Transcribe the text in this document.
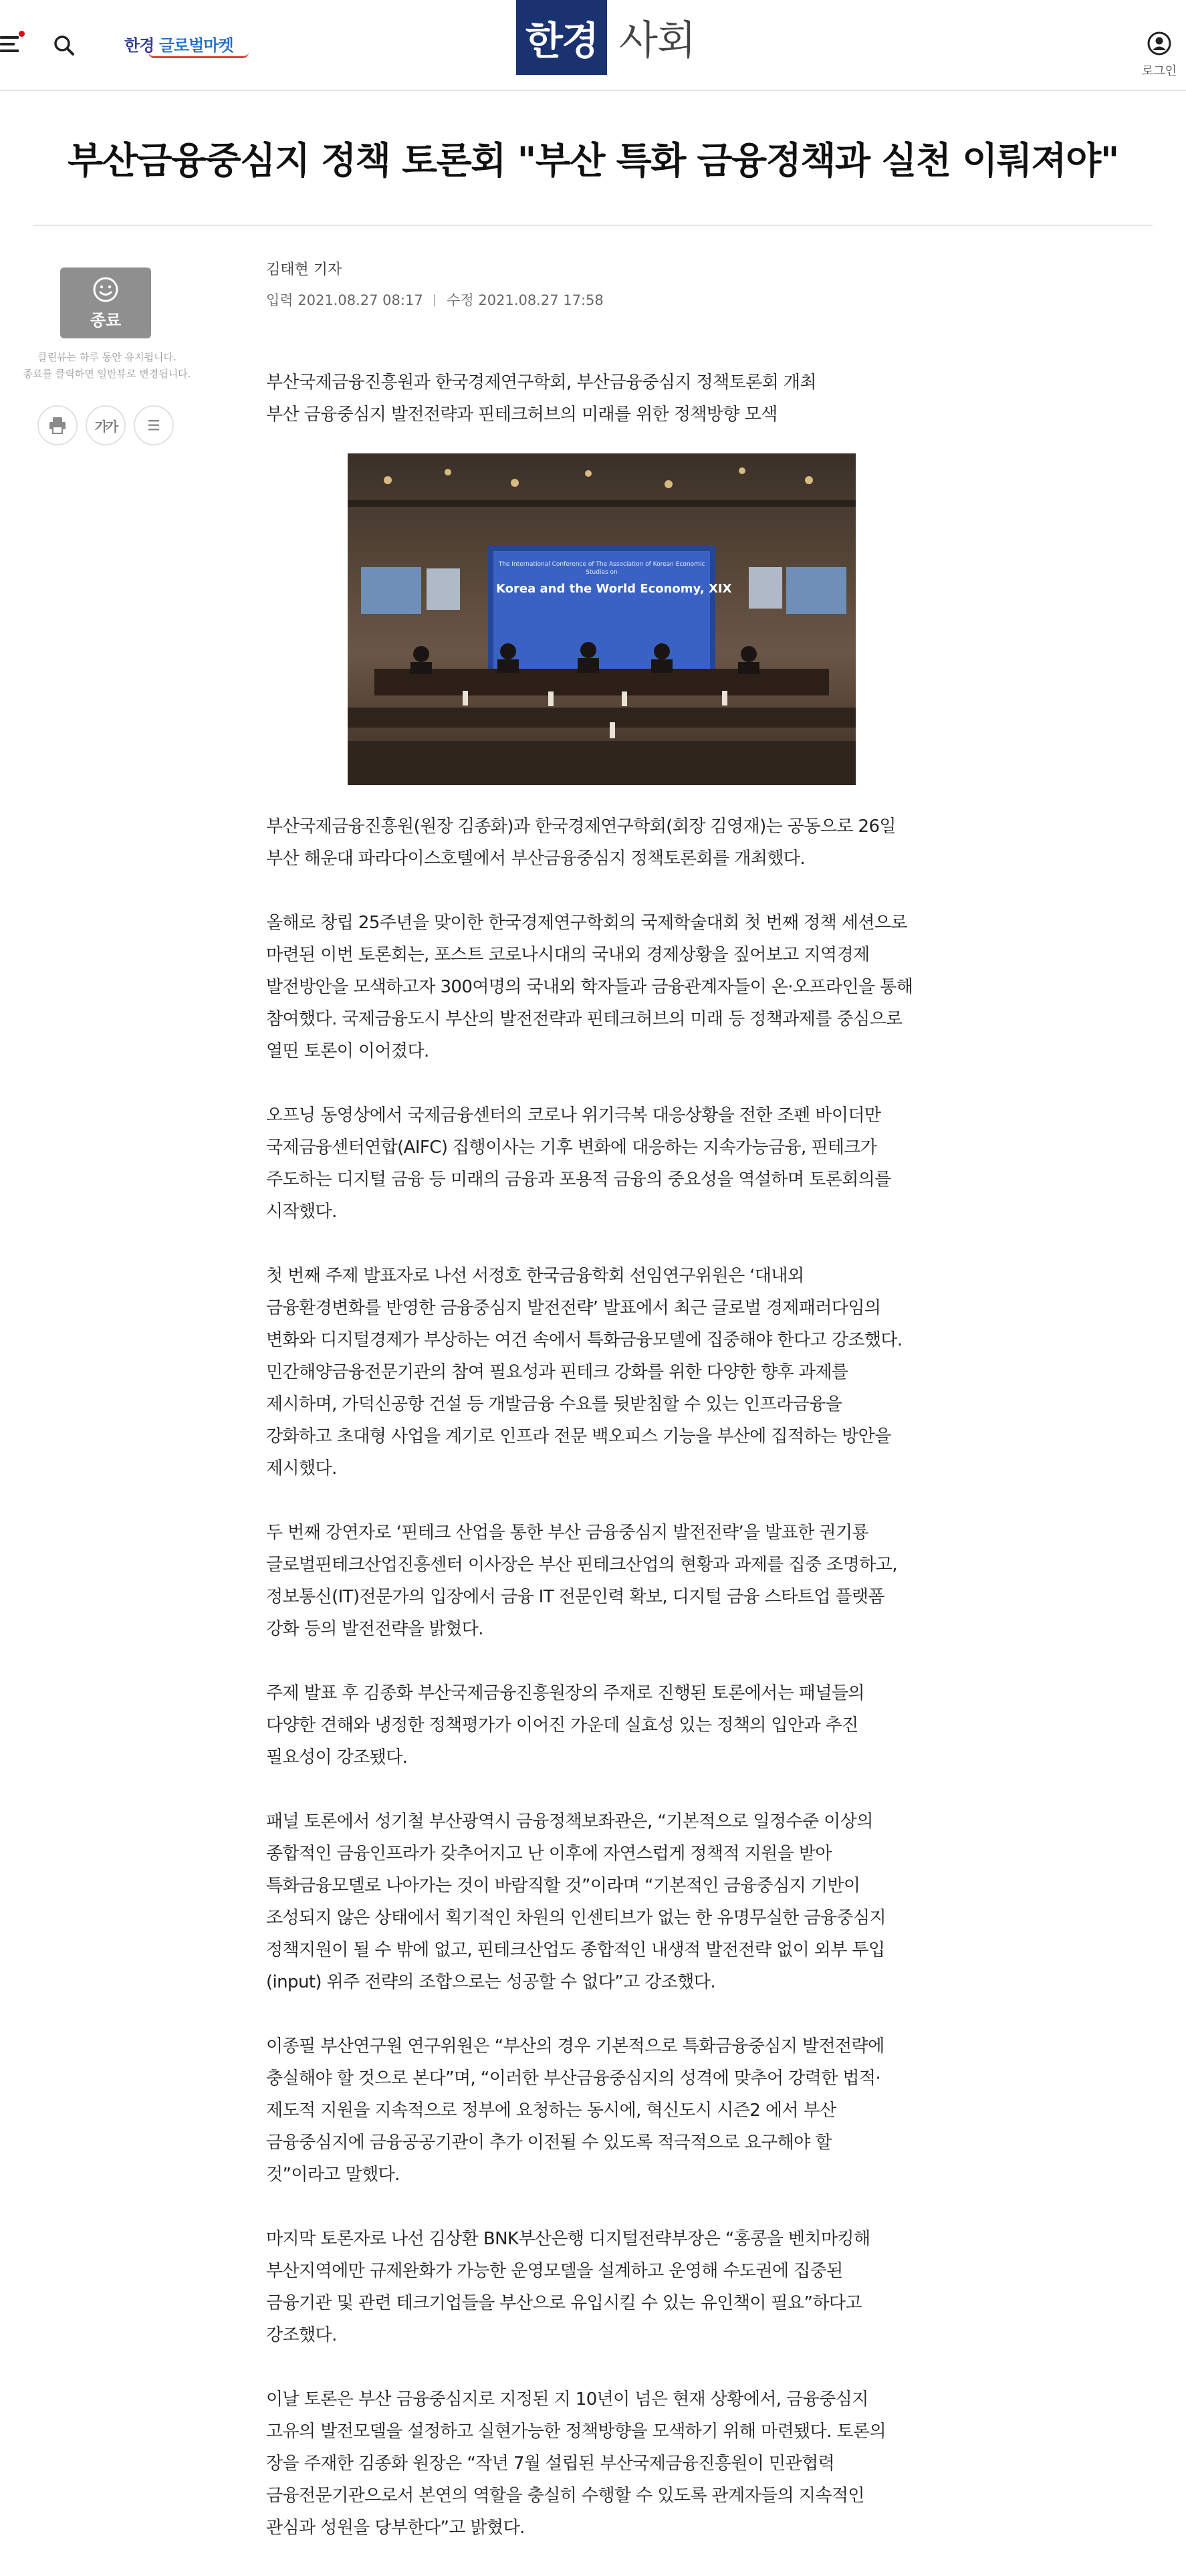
한경 글로벌마켓	한경 사회
로그인
부산금융중심지 정책 토론회 "부산 특화 금융정책과 실천 이뤄져야"
종료
클린뷰는 하루 동안 유지됩니다.
종료를 클릭하면 일반뷰로 변경됩니다.
가가
김태현 기자
입력 2021.08.27 08:17 수정 2021.08.27 17:58

부산국제금융진흥원과 한국경제연구학회, 부산금융중심지 정책토론회 개최

부산 금융중심지 발전전략과 핀테크허브의 미래를 위한 정책방향 모색

The International Conference of The Association of Korean Economic Studies on
Korea and the World Economy, XIX

부산국제금융진흥원(원장 김종화)과 한국경제연구학회(회장 김영재)는 공동으로 26일
부산 해운대 파라다이스호텔에서 부산금융중심지 정책토론회를 개최했다.

올해로 창립 25주년을 맞이한 한국경제연구학회의 국제학술대회 첫 번째 정책 세션으로
마련된 이번 토론회는, 포스트 코로나시대의 국내외 경제상황을 짚어보고 지역경제
발전방안을 모색하고자 300여명의 국내외 학자들과 금융관계자들이 온·오프라인을 통해
참여했다. 국제금융도시 부산의 발전전략과 핀테크허브의 미래 등 정책과제를 중심으로
열띤 토론이 이어졌다.

오프닝 동영상에서 국제금융센터의 코로나 위기극복 대응상황을 전한 조펜 바이더만
국제금융센터연합(AIFC) 집행이사는 기후 변화에 대응하는 지속가능금융, 핀테크가
주도하는 디지털 금융 등 미래의 금융과 포용적 금융의 중요성을 역설하며 토론회의를
시작했다.

첫 번째 주제 발표자로 나선 서정호 한국금융학회 선임연구위원은 ‘대내외
금융환경변화를 반영한 금융중심지 발전전략’ 발표에서 최근 글로벌 경제패러다임의
변화와 디지털경제가 부상하는 여건 속에서 특화금융모델에 집중해야 한다고 강조했다.
민간해양금융전문기관의 참여 필요성과 핀테크 강화를 위한 다양한 향후 과제를
제시하며, 가덕신공항 건설 등 개발금융 수요를 뒷받침할 수 있는 인프라금융을
강화하고 초대형 사업을 계기로 인프라 전문 백오피스 기능을 부산에 집적하는 방안을
제시했다.

두 번째 강연자로 ‘핀테크 산업을 통한 부산 금융중심지 발전전략’을 발표한 권기룡
글로벌핀테크산업진흥센터 이사장은 부산 핀테크산업의 현황과 과제를 집중 조명하고,
정보통신(IT)전문가의 입장에서 금융 IT 전문인력 확보, 디지털 금융 스타트업 플랫폼
강화 등의 발전전략을 밝혔다.

주제 발표 후 김종화 부산국제금융진흥원장의 주재로 진행된 토론에서는 패널들의
다양한 견해와 냉정한 정책평가가 이어진 가운데 실효성 있는 정책의 입안과 추진
필요성이 강조됐다.

패널 토론에서 성기철 부산광역시 금융정책보좌관은, “기본적으로 일정수준 이상의
종합적인 금융인프라가 갖추어지고 난 이후에 자연스럽게 정책적 지원을 받아
특화금융모델로 나아가는 것이 바람직할 것”이라며 “기본적인 금융중심지 기반이
조성되지 않은 상태에서 획기적인 차원의 인센티브가 없는 한 유명무실한 금융중심지
정책지원이 될 수 밖에 없고, 핀테크산업도 종합적인 내생적 발전전략 없이 외부 투입
(input) 위주 전략의 조합으로는 성공할 수 없다”고 강조했다.

이종필 부산연구원 연구위원은 “부산의 경우 기본적으로 특화금융중심지 발전전략에
충실해야 할 것으로 본다”며, “이러한 부산금융중심지의 성격에 맞추어 강력한 법적·
제도적 지원을 지속적으로 정부에 요청하는 동시에, 혁신도시 시즌2 에서 부산
금융중심지에 금융공공기관이 추가 이전될 수 있도록 적극적으로 요구해야 할
것”이라고 말했다.

마지막 토론자로 나선 김상환 BNK부산은행 디지털전략부장은 “홍콩을 벤치마킹해
부산지역에만 규제완화가 가능한 운영모델을 설계하고 운영해 수도권에 집중된
금융기관 및 관련 테크기업들을 부산으로 유입시킬 수 있는 유인책이 필요”하다고
강조했다.

이날 토론은 부산 금융중심지로 지정된 지 10년이 넘은 현재 상황에서, 금융중심지
고유의 발전모델을 설정하고 실현가능한 정책방향을 모색하기 위해 마련됐다. 토론의
장을 주재한 김종화 원장은 “작년 7월 설립된 부산국제금융진흥원이 민관협력
금융전문기관으로서 본연의 역할을 충실히 수행할 수 있도록 관계자들의 지속적인
관심과 성원을 당부한다”고 밝혔다.
